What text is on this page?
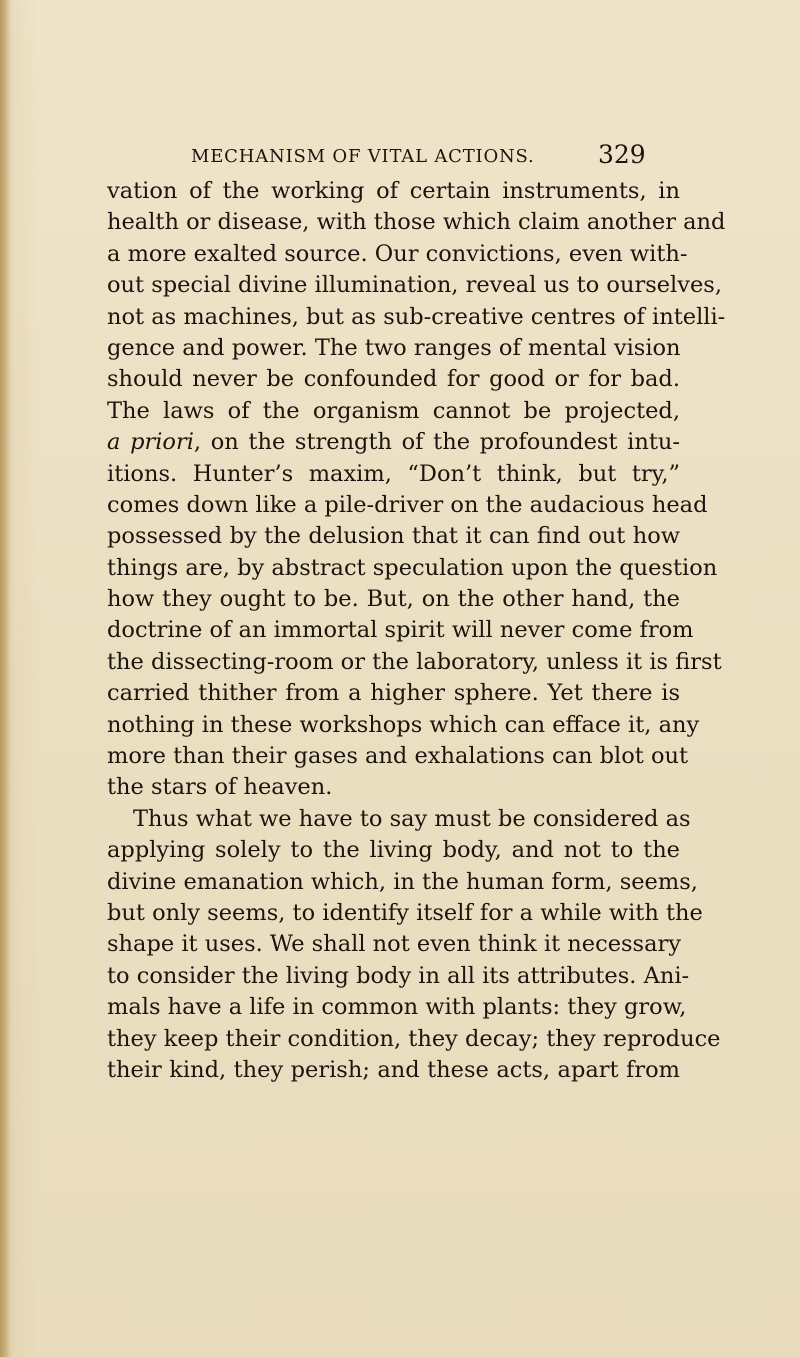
MECHANISM OF VITAL ACTIONS.	329
vation of the working of certain instruments, in
health or disease, with those which claim another and
a more exalted source. Our convictions, even with-
out special divine illumination, reveal us to ourselves,
not as machines, but as sub-creative centres of intelli-
gence and power. The two ranges of mental vision
should never be confounded for good or for bad.
The laws of the organism cannot be projected,
a priori, on the strength of the profoundest intu-
itions. Hunter’s maxim, “Don’t think, but try,”
comes down like a pile-driver on the audacious head
possessed by the delusion that it can find out how
things are, by abstract speculation upon the question
how they ought to be. But, on the other hand, the
doctrine of an immortal spirit will never come from
the dissecting-room or the laboratory, unless it is first
carried thither from a higher sphere. Yet there is
nothing in these workshops which can efface it, any
more than their gases and exhalations can blot out
the stars of heaven.
Thus what we have to say must be considered as
applying solely to the living body, and not to the
divine emanation which, in the human form, seems,
but only seems, to identify itself for a while with the
shape it uses. We shall not even think it necessary
to consider the living body in all its attributes. Ani-
mals have a life in common with plants: they grow,
they keep their condition, they decay; they reproduce
their kind, they perish; and these acts, apart from
